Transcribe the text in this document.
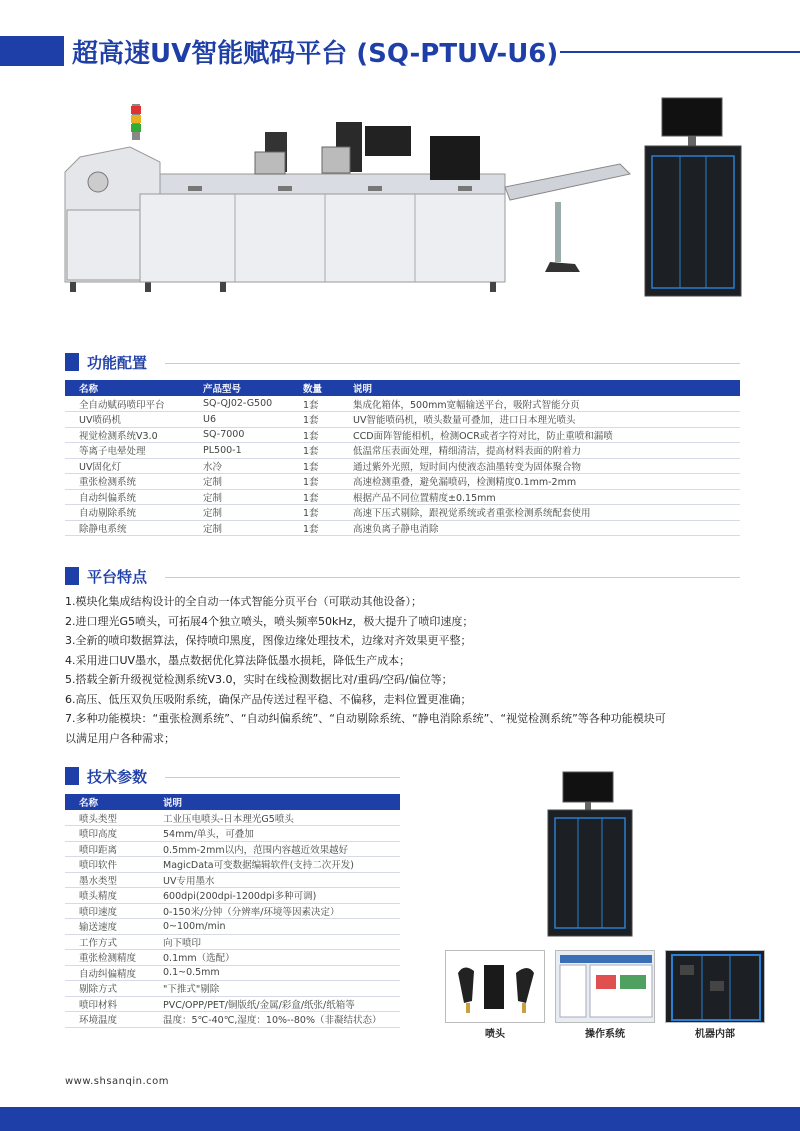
超高速UV智能赋码平台 (SQ-PTUV-U6)
功能配置
名称	产品型号	数量	说明
全自动赋码喷印平台	SQ-QJ02-G500	1套	集成化箱体，500mm宽幅输送平台，吸附式智能分页
UV喷码机	U6	1套	UV智能喷码机，喷头数量可叠加，进口日本理光喷头
视觉检测系统V3.0	SQ-7000	1套	CCD面阵智能相机，检测OCR或者字符对比，防止重喷和漏喷
等离子电晕处理	PL500-1	1套	低温常压表面处理，精细清洁，提高材料表面的附着力
UV固化灯	水冷	1套	通过紫外光照，短时间内使液态油墨转变为固体聚合物
重张检测系统	定制	1套	高速检测重叠，避免漏喷码，检测精度0.1mm-2mm
自动纠偏系统	定制	1套	根据产品不同位置精度±0.15mm
自动剔除系统	定制	1套	高速下压式剔除，跟视觉系统或者重张检测系统配套使用
除静电系统	定制	1套	高速负离子静电消除
平台特点

1.模块化集成结构设计的全自动一体式智能分页平台（可联动其他设备）；

2.进口理光G5喷头，可拓展4个独立喷头，喷头频率50kHz，极大提升了喷印速度；

3.全新的喷印数据算法，保持喷印黑度，图像边缘处理技术，边缘对齐效果更平整；

4.采用进口UV墨水，墨点数据优化算法降低墨水损耗，降低生产成本；

5.搭载全新升级视觉检测系统V3.0，实时在线检测数据比对/重码/空码/偏位等；

6.高压、低压双负压吸附系统，确保产品传送过程平稳、不偏移，走料位置更准确；

7.多种功能模块：“重张检测系统”、“自动纠偏系统”、“自动剔除系统、“静电消除系统”、“视觉检测系统”等各种功能模块可

以满足用户各种需求；

技术参数
名称	说明
喷头类型	工业压电喷头-日本理光G5喷头
喷印高度	54mm/单头，可叠加
喷印距离	0.5mm-2mm以内，范围内容越近效果越好
喷印软件	MagicData可变数据编辑软件(支持二次开发)
墨水类型	UV专用墨水
喷头精度	600dpi(200dpi-1200dpi多种可调)
喷印速度	0-150米/分钟（分辨率/环境等因素决定）
输送速度	0~100m/min
工作方式	向下喷印
重张检测精度	0.1mm（选配）
自动纠偏精度	0.1~0.5mm
剔除方式	"下推式"剔除
喷印材料	PVC/OPP/PET/铜版纸/金属/彩盒/纸张/纸箱等
环境温度	温度：5℃-40℃,湿度：10%--80%（非凝结状态）
喷头	操作系统	机器内部
www.shsanqin.com
